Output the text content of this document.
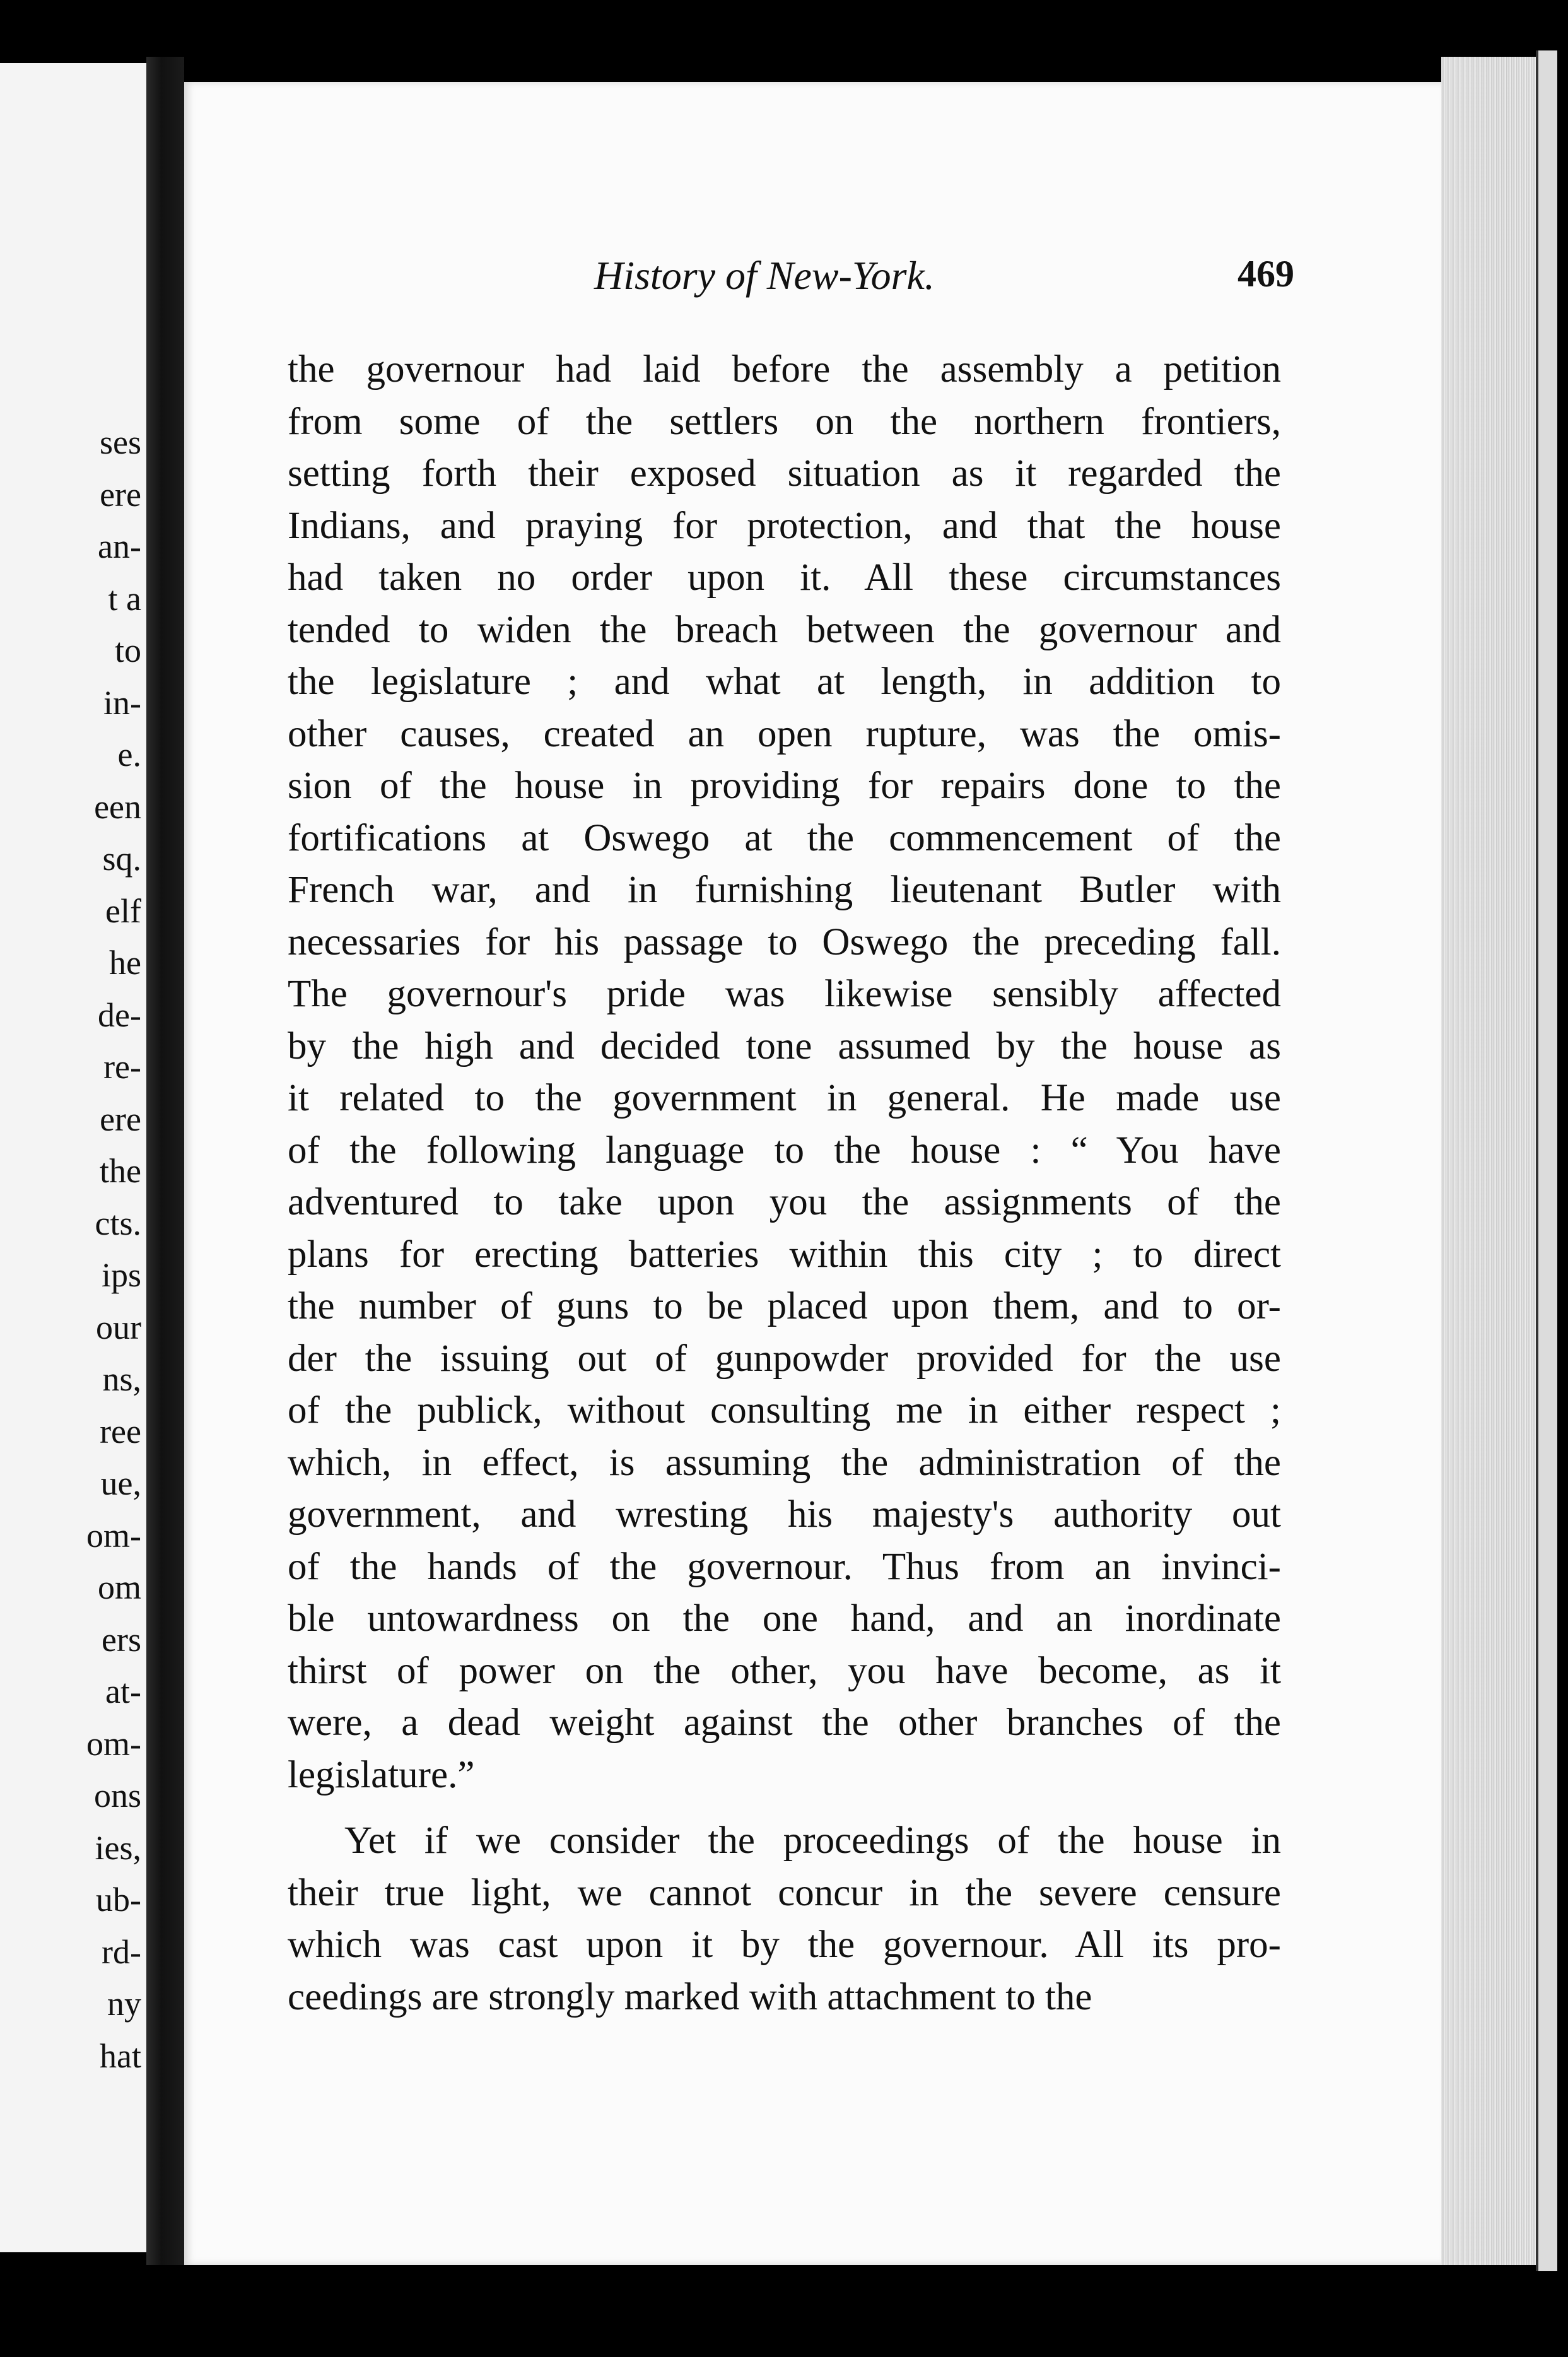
ses
ere
an-
t a
to
in-
e.
een
sq.
elf
he
de-
re-
ere
the
cts.
ips
our
ns,
ree
ue,
om-
om
ers
at-
om-
ons
ies,
ub-
rd-
ny
hat
History of New-York.	469
the governour had laid before the assembly a petition
from some of the settlers on the northern frontiers,
setting forth their exposed situation as it regarded the
Indians, and praying for protection, and that the house
had taken no order upon it. All these circumstances
tended to widen the breach between the governour and
the legislature ; and what at length, in addition to
other causes, created an open rupture, was the omis-
sion of the house in providing for repairs done to the
fortifications at Oswego at the commencement of the
French war, and in furnishing lieutenant Butler with
necessaries for his passage to Oswego the preceding fall.
The governour's pride was likewise sensibly affected
by the high and decided tone assumed by the house as
it related to the government in general. He made use
of the following language to the house : “ You have
adventured to take upon you the assignments of the
plans for erecting batteries within this city ; to direct
the number of guns to be placed upon them, and to or-
der the issuing out of gunpowder provided for the use
of the publick, without consulting me in either respect ;
which, in effect, is assuming the administration of the
government, and wresting his majesty's authority out
of the hands of the governour. Thus from an invinci-
ble untowardness on the one hand, and an inordinate
thirst of power on the other, you have become, as it
were, a dead weight against the other branches of the
legislature.”
Yet if we consider the proceedings of the house in
their true light, we cannot concur in the severe censure
which was cast upon it by the governour. All its pro-
ceedings are strongly marked with attachment to the
